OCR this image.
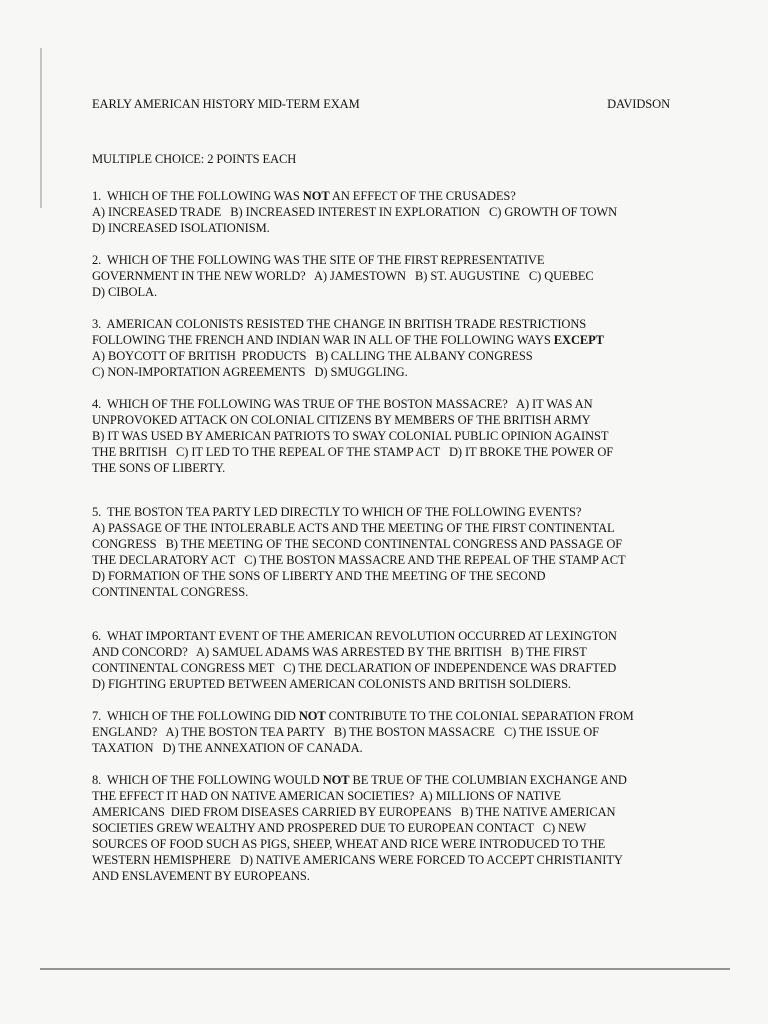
EARLY AMERICAN HISTORY MID-TERM EXAM	DAVIDSON
MULTIPLE CHOICE: 2 POINTS EACH
1.  WHICH OF THE FOLLOWING WAS NOT AN EFFECT OF THE CRUSADES?
A) INCREASED TRADE   B) INCREASED INTEREST IN EXPLORATION   C) GROWTH OF TOWN
D) INCREASED ISOLATIONISM.
2.  WHICH OF THE FOLLOWING WAS THE SITE OF THE FIRST REPRESENTATIVE
GOVERNMENT IN THE NEW WORLD?   A) JAMESTOWN   B) ST. AUGUSTINE   C) QUEBEC
D) CIBOLA.
3.  AMERICAN COLONISTS RESISTED THE CHANGE IN BRITISH TRADE RESTRICTIONS
FOLLOWING THE FRENCH AND INDIAN WAR IN ALL OF THE FOLLOWING WAYS EXCEPT
A) BOYCOTT OF BRITISH  PRODUCTS   B) CALLING THE ALBANY CONGRESS
C) NON-IMPORTATION AGREEMENTS   D) SMUGGLING.
4.  WHICH OF THE FOLLOWING WAS TRUE OF THE BOSTON MASSACRE?   A) IT WAS AN
UNPROVOKED ATTACK ON COLONIAL CITIZENS BY MEMBERS OF THE BRITISH ARMY
B) IT WAS USED BY AMERICAN PATRIOTS TO SWAY COLONIAL PUBLIC OPINION AGAINST
THE BRITISH   C) IT LED TO THE REPEAL OF THE STAMP ACT   D) IT BROKE THE POWER OF
THE SONS OF LIBERTY.
5.  THE BOSTON TEA PARTY LED DIRECTLY TO WHICH OF THE FOLLOWING EVENTS?
A) PASSAGE OF THE INTOLERABLE ACTS AND THE MEETING OF THE FIRST CONTINENTAL
CONGRESS   B) THE MEETING OF THE SECOND CONTINENTAL CONGRESS AND PASSAGE OF
THE DECLARATORY ACT   C) THE BOSTON MASSACRE AND THE REPEAL OF THE STAMP ACT
D) FORMATION OF THE SONS OF LIBERTY AND THE MEETING OF THE SECOND
CONTINENTAL CONGRESS.
6.  WHAT IMPORTANT EVENT OF THE AMERICAN REVOLUTION OCCURRED AT LEXINGTON
AND CONCORD?   A) SAMUEL ADAMS WAS ARRESTED BY THE BRITISH   B) THE FIRST
CONTINENTAL CONGRESS MET   C) THE DECLARATION OF INDEPENDENCE WAS DRAFTED
D) FIGHTING ERUPTED BETWEEN AMERICAN COLONISTS AND BRITISH SOLDIERS.
7.  WHICH OF THE FOLLOWING DID NOT CONTRIBUTE TO THE COLONIAL SEPARATION FROM
ENGLAND?   A) THE BOSTON TEA PARTY   B) THE BOSTON MASSACRE   C) THE ISSUE OF
TAXATION   D) THE ANNEXATION OF CANADA.
8.  WHICH OF THE FOLLOWING WOULD NOT BE TRUE OF THE COLUMBIAN EXCHANGE AND
THE EFFECT IT HAD ON NATIVE AMERICAN SOCIETIES?  A) MILLIONS OF NATIVE
AMERICANS  DIED FROM DISEASES CARRIED BY EUROPEANS   B) THE NATIVE AMERICAN
SOCIETIES GREW WEALTHY AND PROSPERED DUE TO EUROPEAN CONTACT   C) NEW
SOURCES OF FOOD SUCH AS PIGS, SHEEP, WHEAT AND RICE WERE INTRODUCED TO THE
WESTERN HEMISPHERE   D) NATIVE AMERICANS WERE FORCED TO ACCEPT CHRISTIANITY
AND ENSLAVEMENT BY EUROPEANS.
